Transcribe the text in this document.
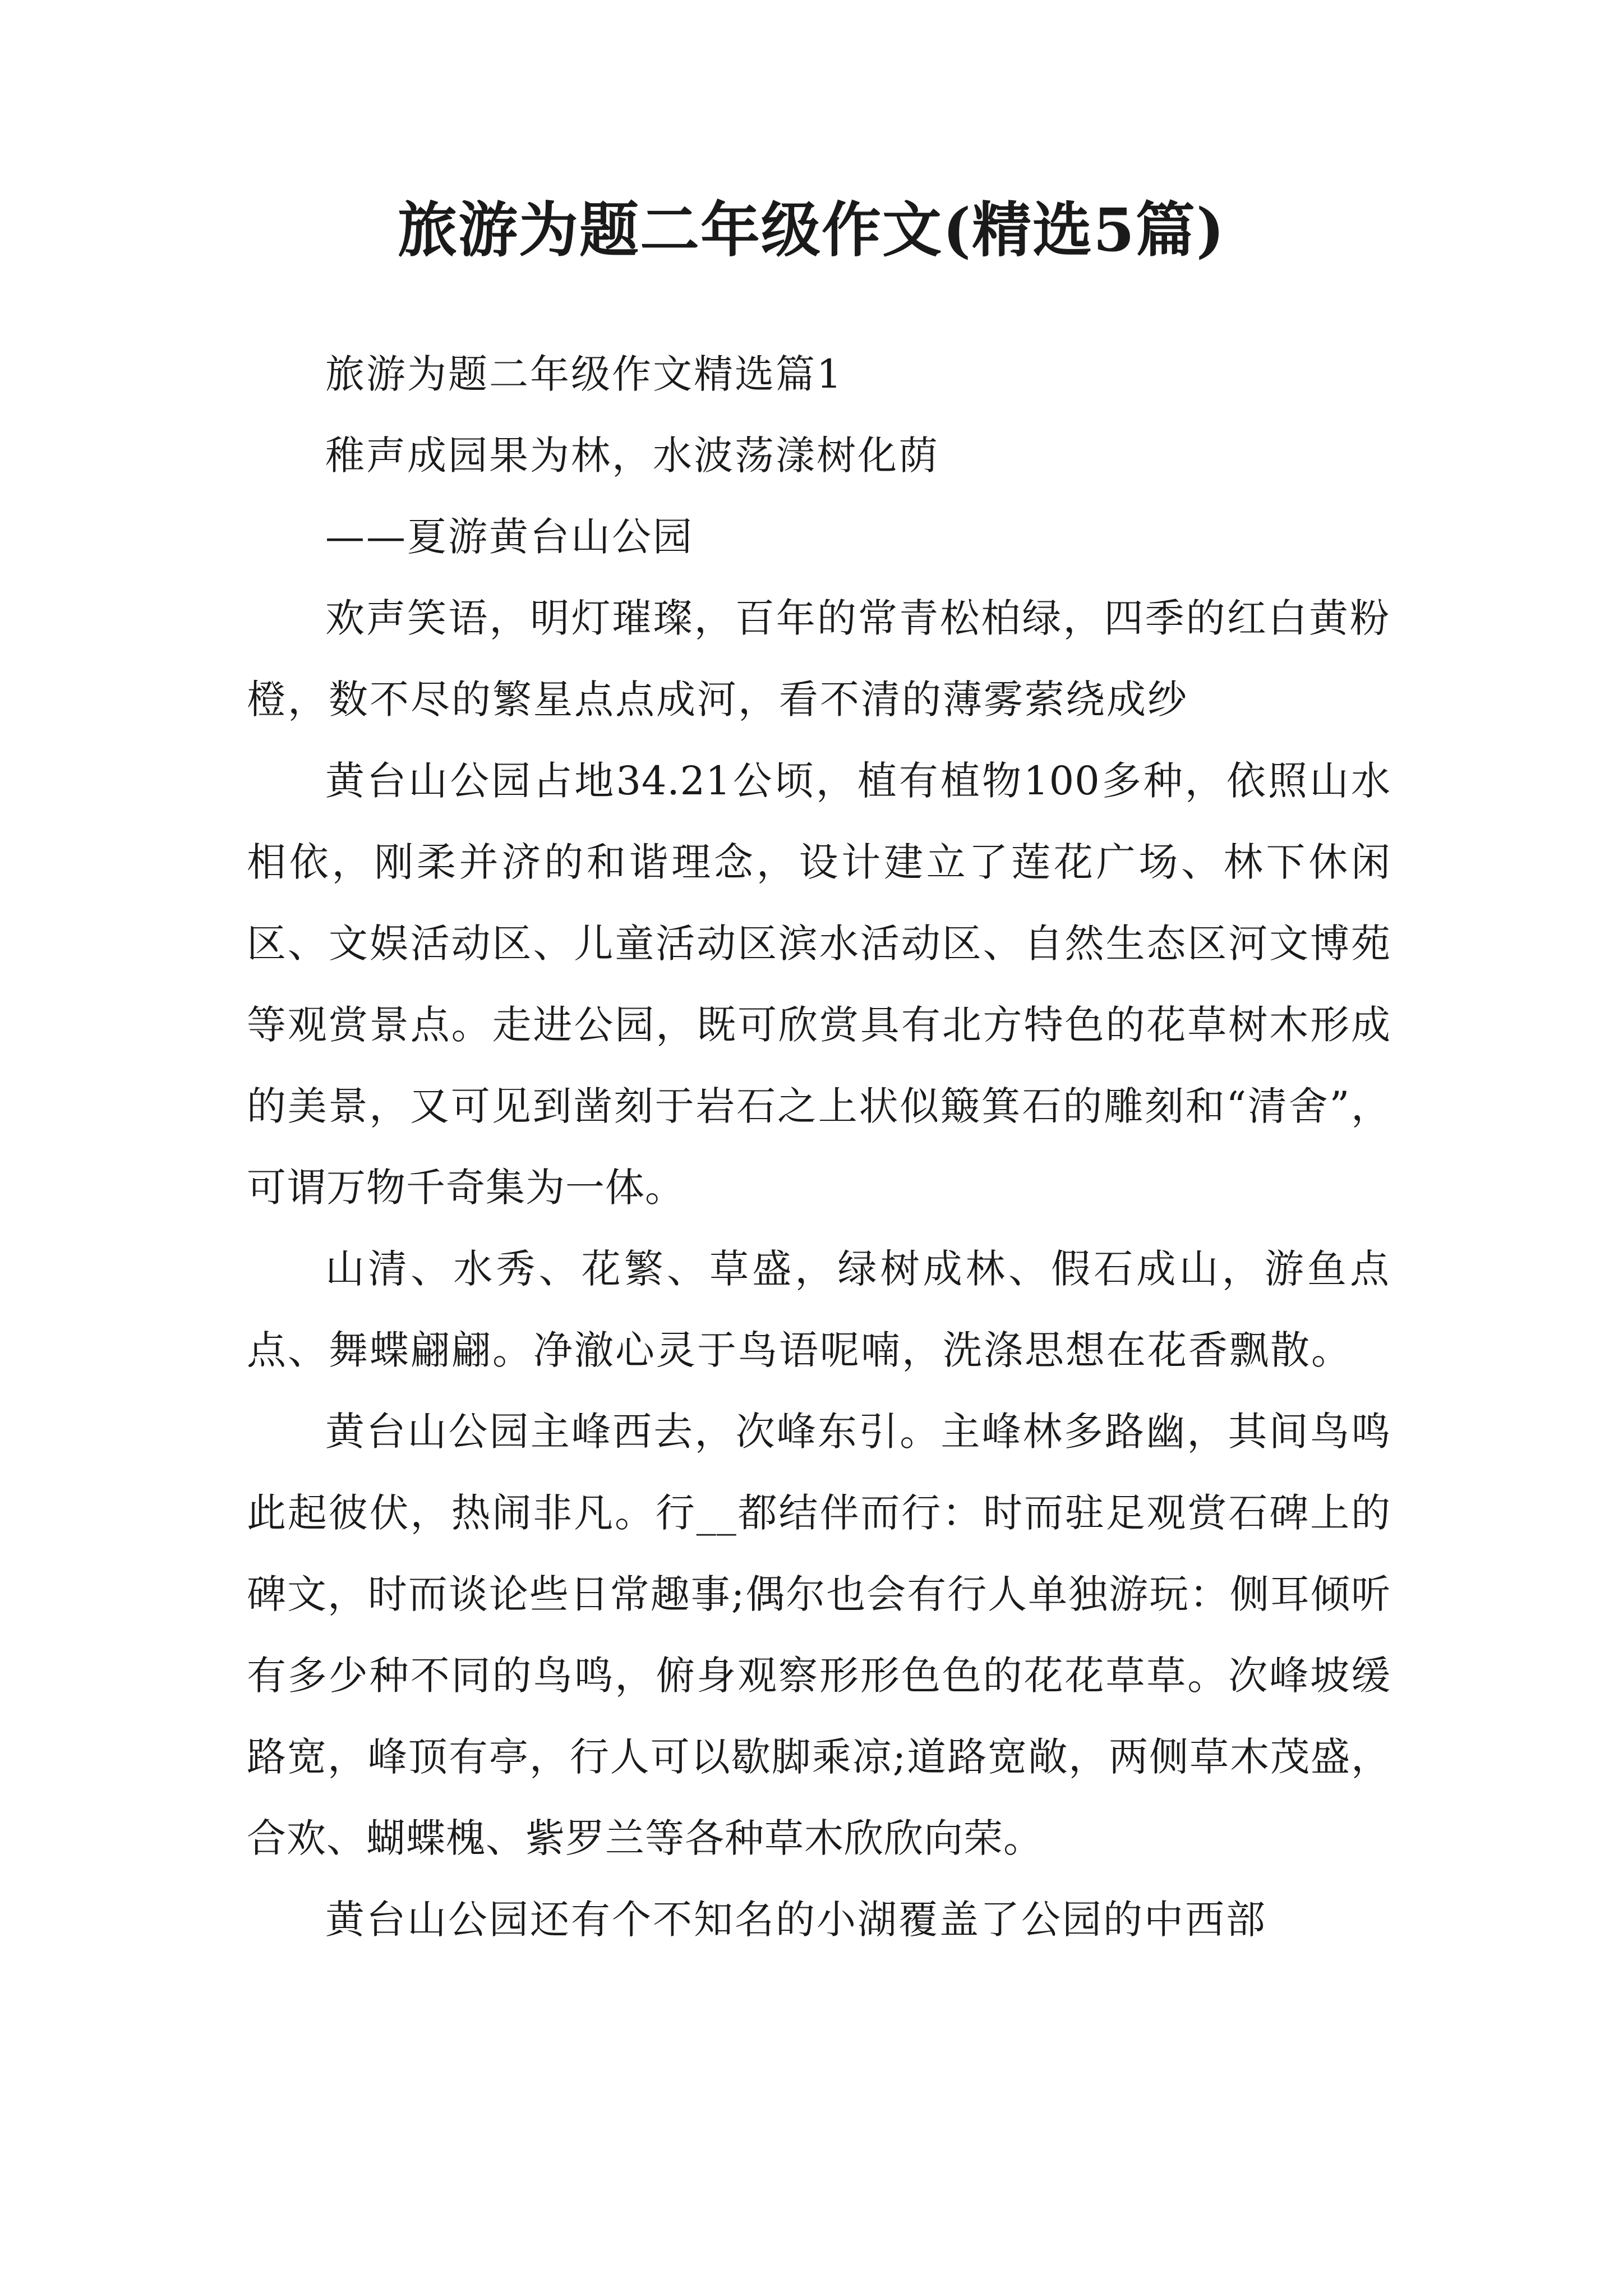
旅游为题二年级作文(精选5篇)

旅游为题二年级作文精选篇1

稚声成园果为林，水波荡漾树化荫

——夏游黄台山公园

欢声笑语，明灯璀璨，百年的常青松柏绿，四季的红白黄粉橙，数不尽的繁星点点成河，看不清的薄雾萦绕成纱

黄台山公园占地34.21公顷，植有植物100多种，依照山水相依，刚柔并济的和谐理念，设计建立了莲花广场、林下休闲区、文娱活动区、儿童活动区滨水活动区、自然生态区河文博苑等观赏景点。走进公园，既可欣赏具有北方特色的花草树木形成的美景，又可见到凿刻于岩石之上状似簸箕石的雕刻和“清舍”，可谓万物千奇集为一体。

山清、水秀、花繁、草盛，绿树成林、假石成山，游鱼点点、舞蝶翩翩。净澈心灵于鸟语呢喃，洗涤思想在花香飘散。

黄台山公园主峰西去，次峰东引。主峰林多路幽，其间鸟鸣此起彼伏，热闹非凡。行__都结伴而行：时而驻足观赏石碑上的碑文，时而谈论些日常趣事;偶尔也会有行人单独游玩：侧耳倾听有多少种不同的鸟鸣，俯身观察形形色色的花花草草。次峰坡缓路宽，峰顶有亭，行人可以歇脚乘凉;道路宽敞，两侧草木茂盛，合欢、蝴蝶槐、紫罗兰等各种草木欣欣向荣。

黄台山公园还有个不知名的小湖覆盖了公园的中西部
